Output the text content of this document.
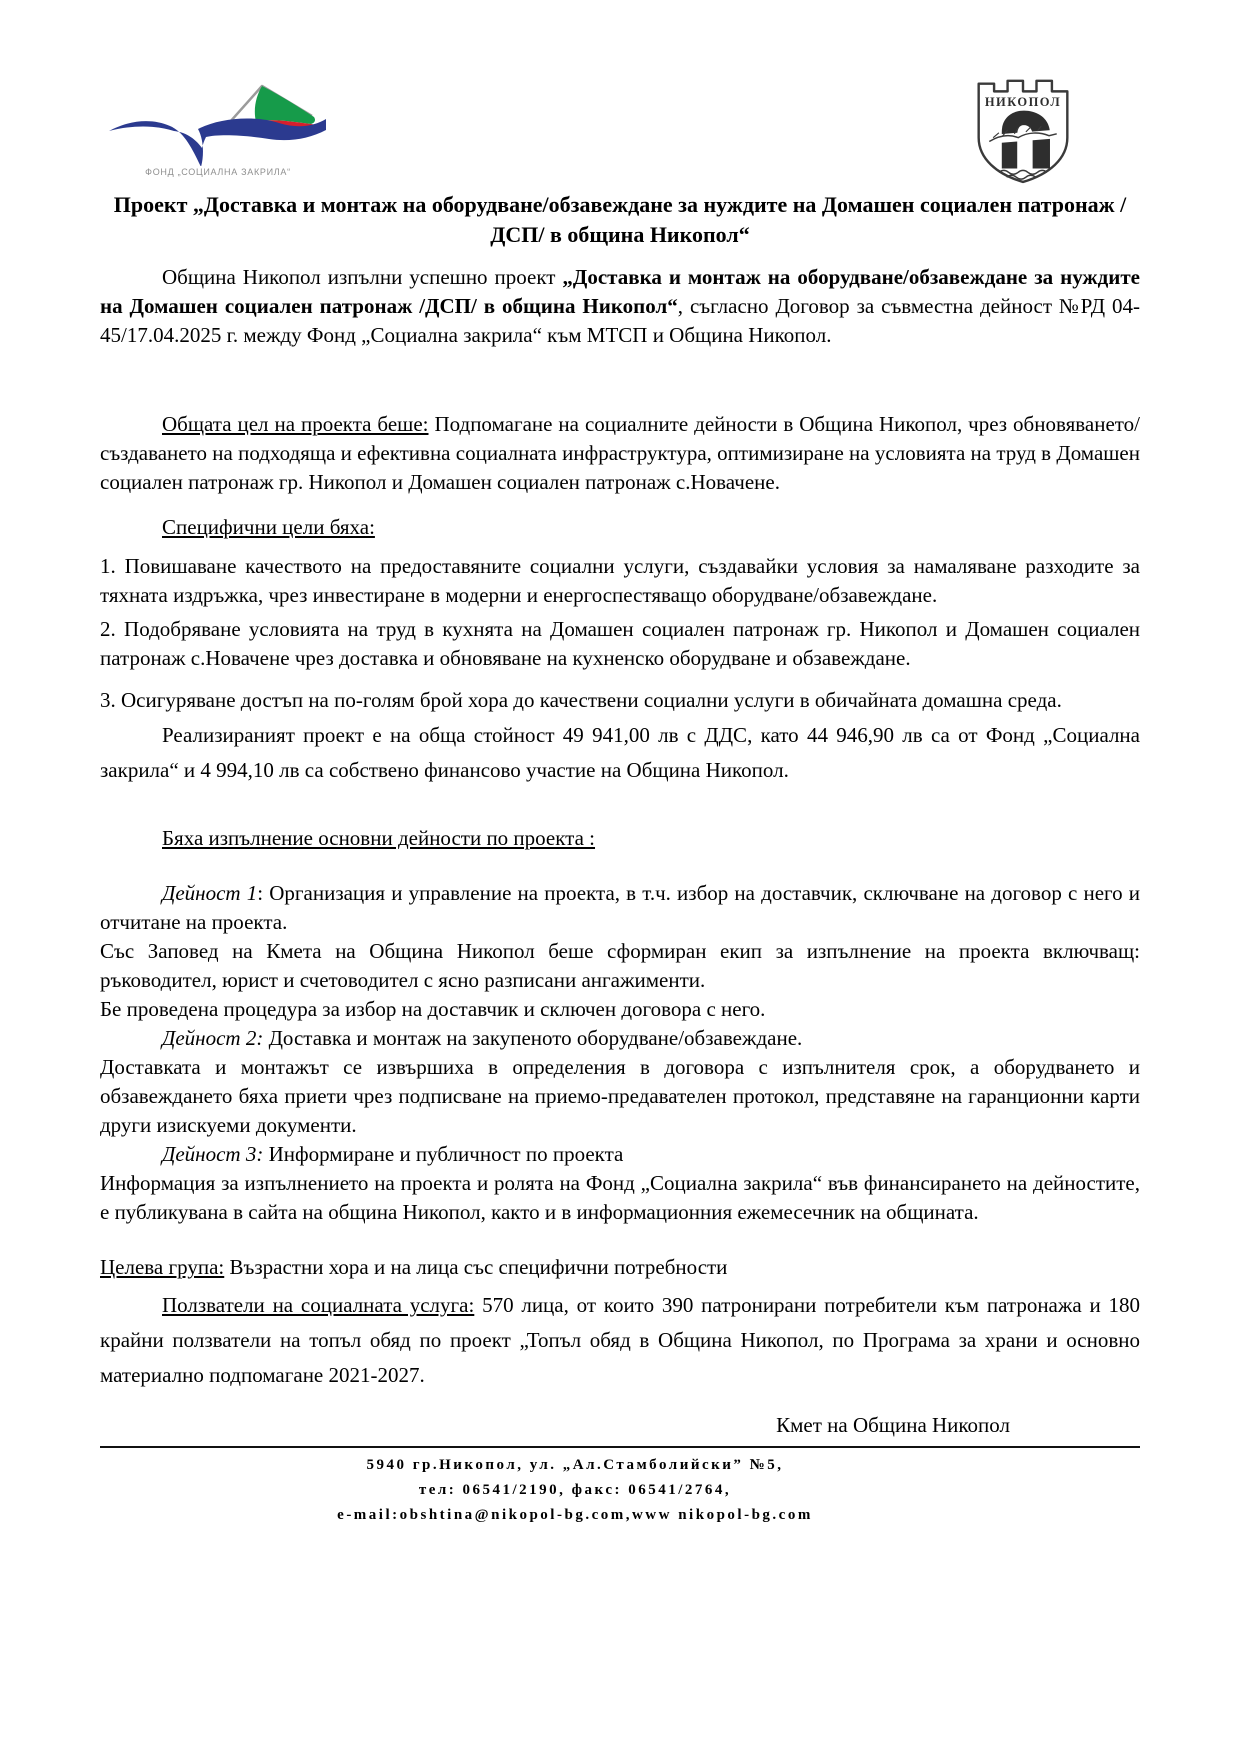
ФОНД „СОЦИАЛНА ЗАКРИЛА“
НИКОПОЛ
Проект „Доставка и монтаж на оборудване/обзавеждане за нуждите на Домашен социален патронаж /ДСП/ в община Никопол“

Община Никопол изпълни успешно проект „Доставка и монтаж на оборудване/обзавеждане за нуждите на Домашен социален патронаж /ДСП/ в община Никопол“, съгласно Договор за съвместна дейност №РД 04-45/17.04.2025 г. между Фонд „Социална закрила“ към МТСП и Община Никопол.

Общата цел на проекта беше: Подпомагане на социалните дейности в Община Никопол, чрез обновяването/създаването на подходяща и ефективна социалната инфраструктура, оптимизиране на условията на труд в Домашен социален патронаж гр. Никопол и Домашен социален патронаж с.Новачене.

Специфични цели бяха:

1. Повишаване качеството на предоставяните социални услуги, създавайки условия за намаляване разходите за тяхната издръжка, чрез инвестиране в модерни и енергоспестяващо оборудване/обзавеждане.

2. Подобряване условията на труд в кухнята на Домашен социален патронаж гр. Никопол и Домашен социален патронаж с.Новачене чрез доставка и обновяване на кухненско оборудване и обзавеждане.

3. Осигуряване достъп на по-голям брой хора до качествени социални услуги в обичайната домашна среда.

Реализираният проект е на обща стойност 49 941,00 лв с ДДС, като 44 946,90 лв са от Фонд „Социална закрила“ и 4 994,10 лв са собствено финансово участие на Община Никопол.

Бяха изпълнение основни дейности по проекта :

Дейност 1: Организация и управление на проекта, в т.ч. избор на доставчик, сключване на договор с него и отчитане на проекта.

Със Заповед на Кмета на Община Никопол беше сформиран екип за изпълнение на проекта включващ: ръководител, юрист и счетоводител с ясно разписани ангажименти.

Бе проведена процедура за избор на доставчик и сключен договора с него.

Дейност 2: Доставка и монтаж на закупеното оборудване/обзавеждане.

Доставката и монтажът се извършиха в определения в договора с изпълнителя срок, а оборудването и обзавеждането бяха приети чрез подписване на приемо-предавателен протокол, представяне на гаранционни карти други изискуеми документи.

Дейност 3: Информиране и публичност по проекта

Информация за изпълнението на проекта и ролята на Фонд „Социална закрила“ във финансирането на дейностите, е публикувана в сайта на община Никопол, както и в информационния ежемесечник на общината.

Целева група: Възрастни хора и на лица със специфични потребности

Ползватели на социалната услуга: 570 лица, от които 390 патронирани потребители към патронажа и 180 крайни ползватели на топъл обяд по проект „Топъл обяд в Община Никопол, по Програма за храни и основно материално подпомагане 2021-2027.

Кмет на Община Никопол

5940 гр.Никопол, ул. „Ал.Стамболийски” №5,
тел: 06541/2190, факс: 06541/2764,
e-mail:obshtina@nikopol-bg.com,www nikopol-bg.com
